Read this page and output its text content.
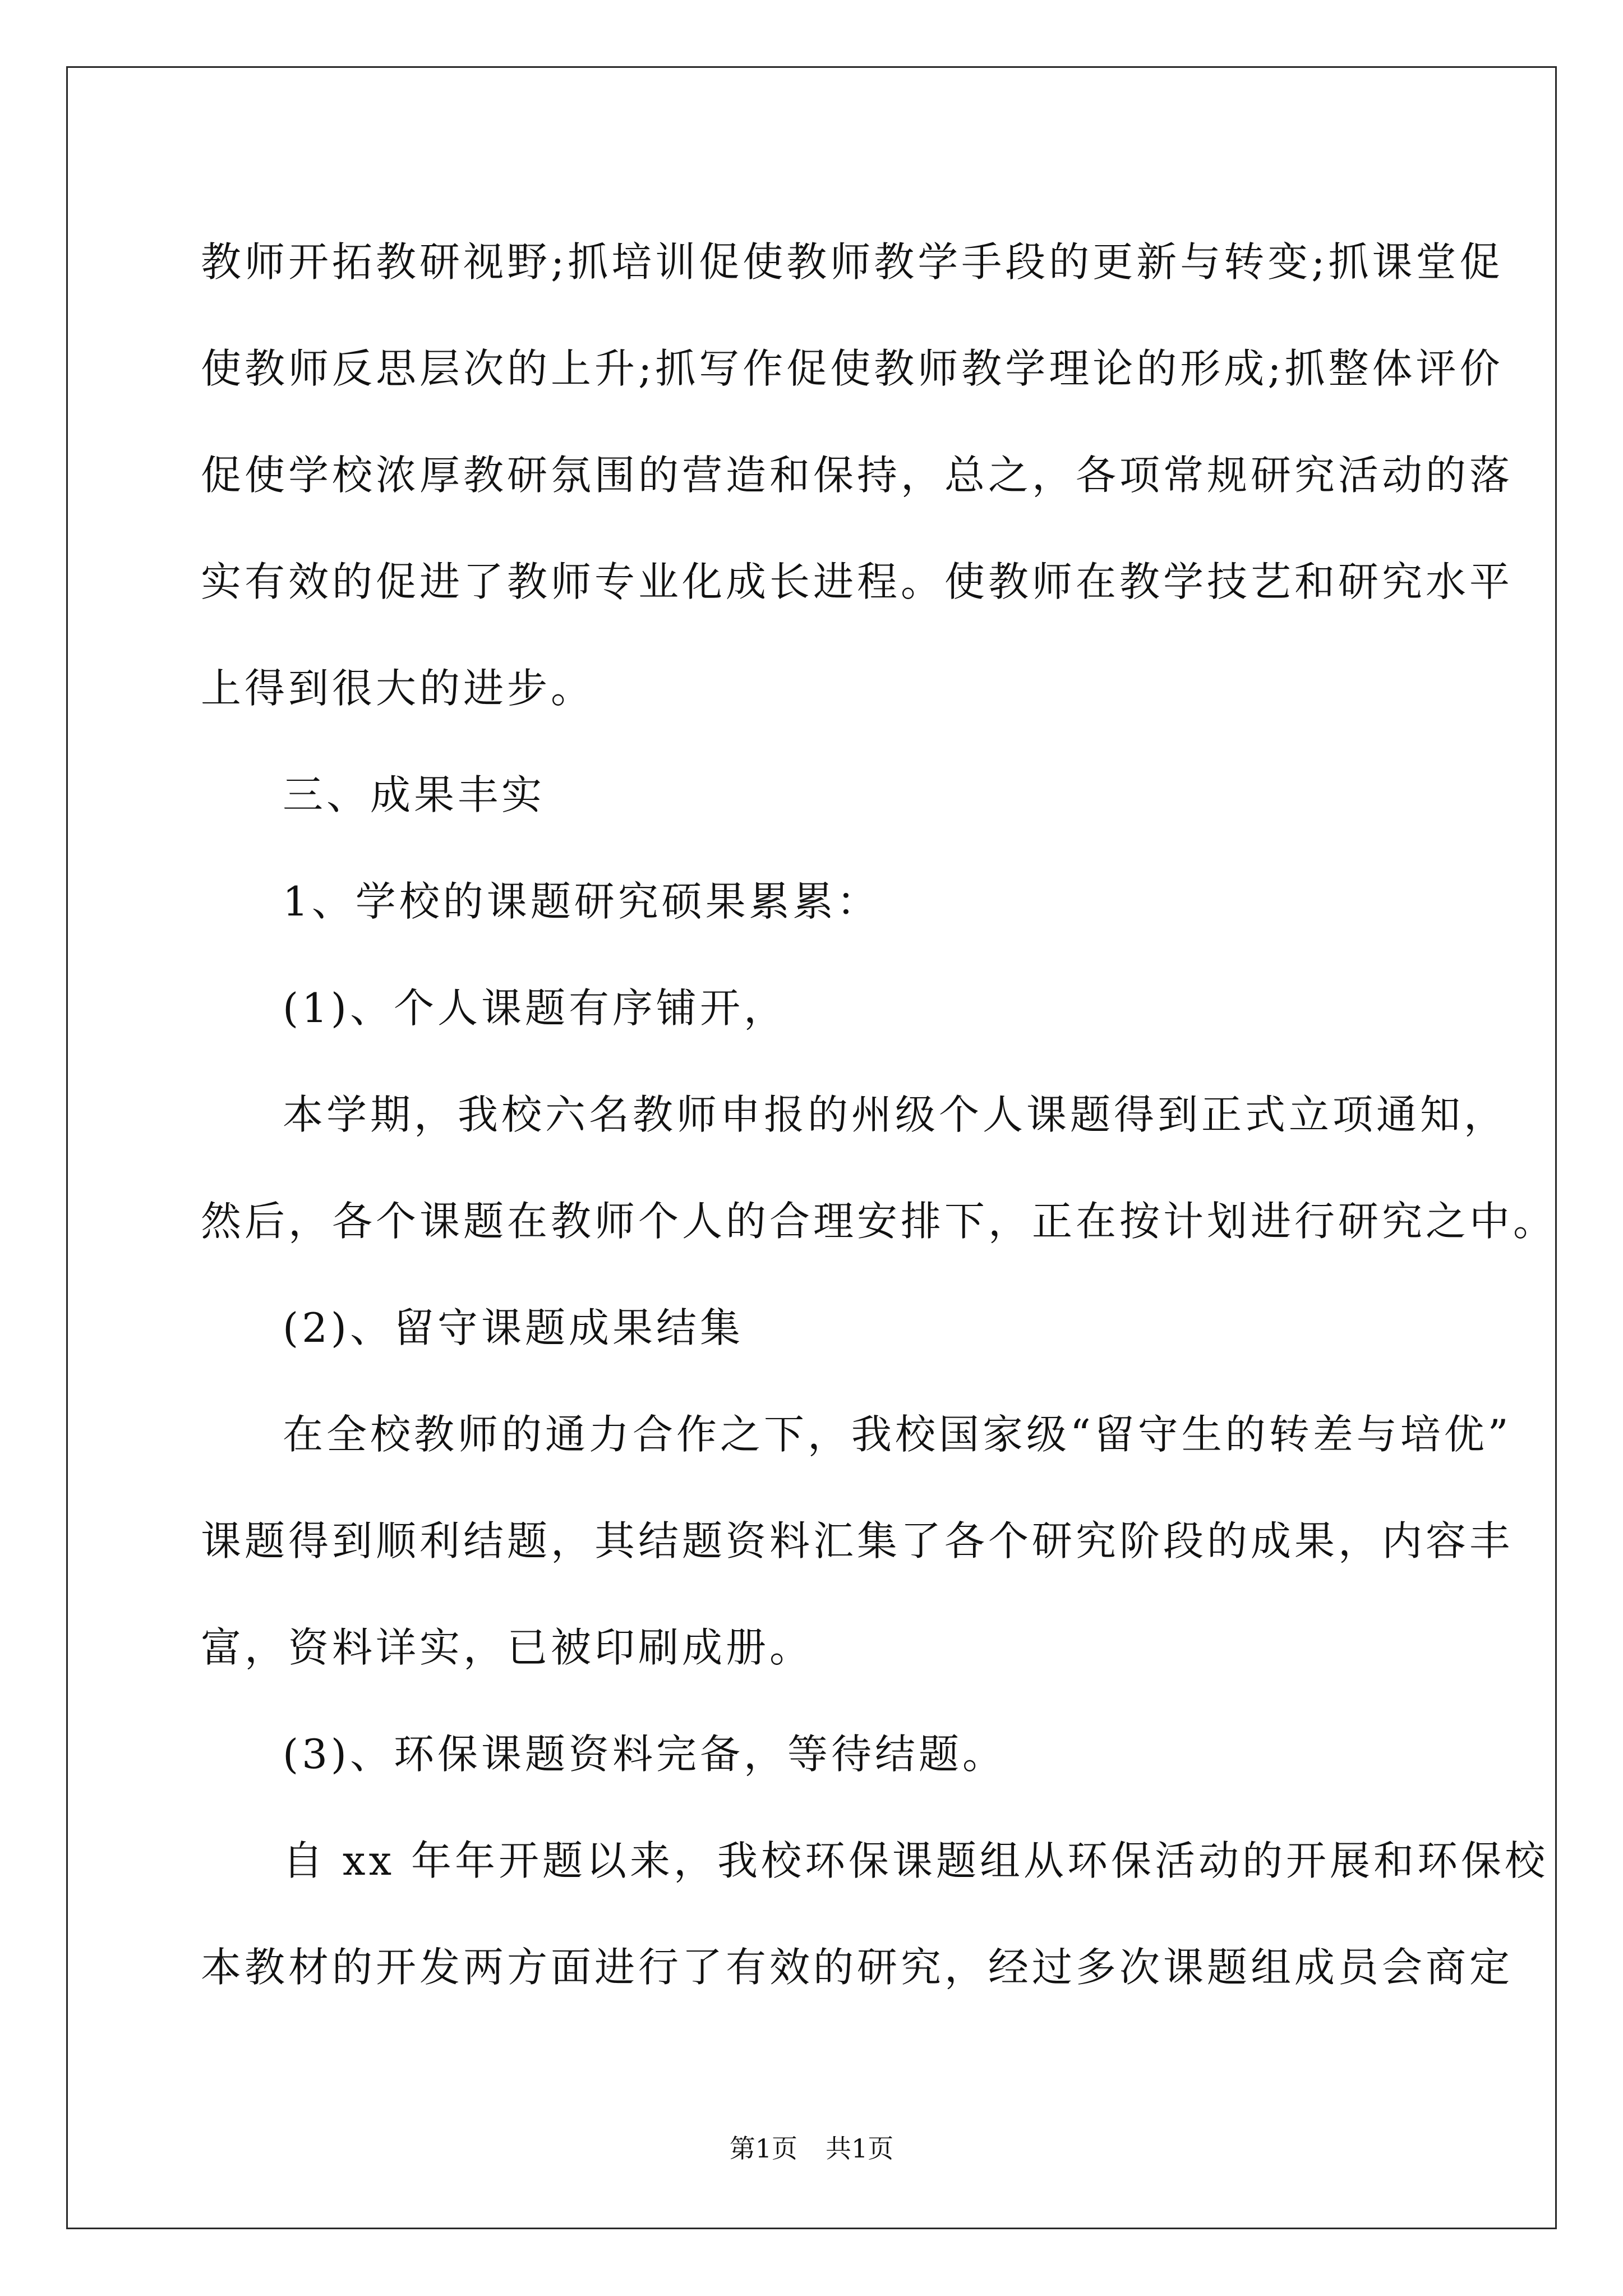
教师开拓教研视野;抓培训促使教师教学手段的更新与转变;抓课堂促

使教师反思层次的上升;抓写作促使教师教学理论的形成;抓整体评价

促使学校浓厚教研氛围的营造和保持，总之，各项常规研究活动的落

实有效的促进了教师专业化成长进程。使教师在教学技艺和研究水平

上得到很大的进步。

三、成果丰实

1、学校的课题研究硕果累累：

(1)、个人课题有序铺开，

本学期，我校六名教师申报的州级个人课题得到正式立项通知，

然后，各个课题在教师个人的合理安排下，正在按计划进行研究之中。

(2)、留守课题成果结集

在全校教师的通力合作之下，我校国家级“留守生的转差与培优”

课题得到顺利结题，其结题资料汇集了各个研究阶段的成果，内容丰

富，资料详实，已被印刷成册。

(3)、环保课题资料完备，等待结题。

自 xx 年年开题以来，我校环保课题组从环保活动的开展和环保校

本教材的开发两方面进行了有效的研究，经过多次课题组成员会商定

第1页 共1页
